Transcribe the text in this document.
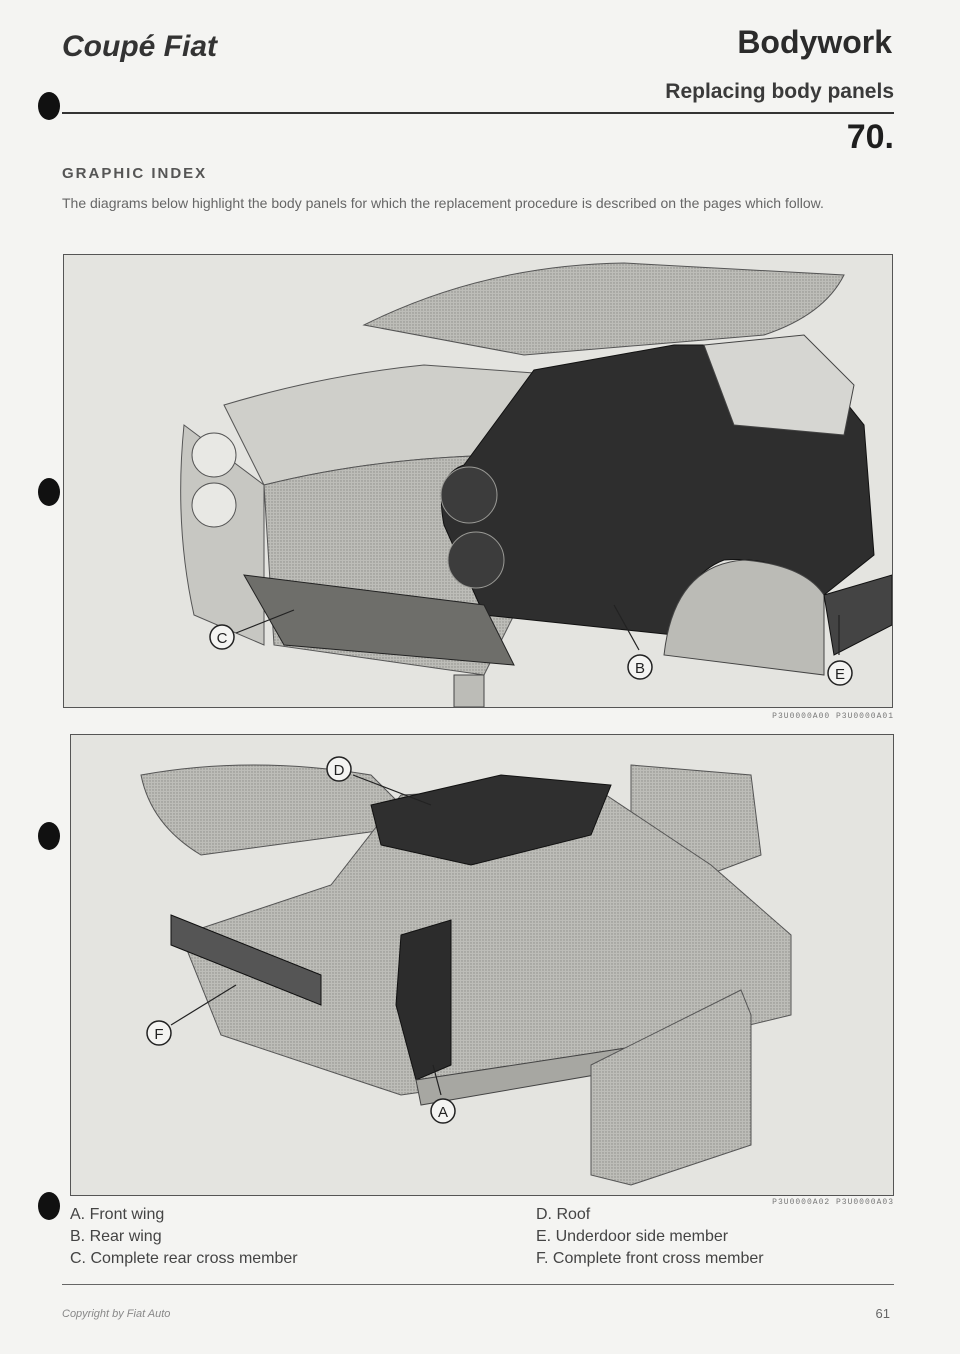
Coupé Fiat	Bodywork
Replacing body panels
70.
GRAPHIC INDEX
The diagrams below highlight the body panels for which the replacement procedure is described on the pages which follow.
C
B	E
P3U0000A00 P3U0000A01
D
F
A
P3U0000A02 P3U0000A03
A. Front wing
B. Rear wing
C. Complete rear cross member
D. Roof
E. Underdoor side member
F. Complete front cross member
Copyright by Fiat Auto	61
